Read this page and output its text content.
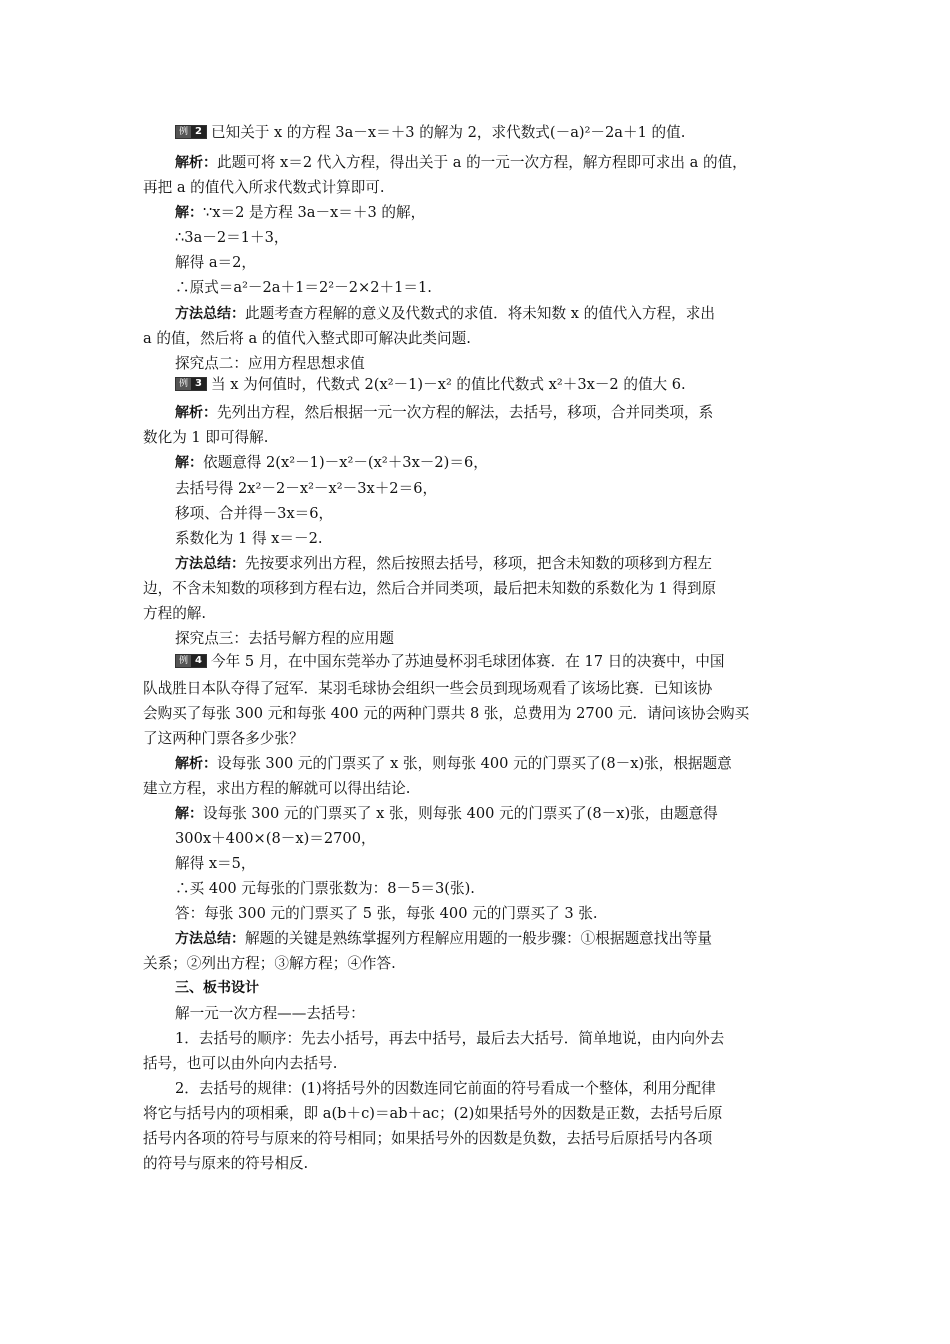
例 2 已知关于 x 的方程 3a－x＝＋3 的解为 2，求代数式(－a)²－2a＋1 的值.
解析：此题可将 x＝2 代入方程，得出关于 a 的一元一次方程，解方程即可求出 a 的值，
再把 a 的值代入所求代数式计算即可.
解：∵x＝2 是方程 3a－x＝＋3 的解，
∴3a－2＝1＋3，
解得 a＝2，
∴原式＝a²－2a＋1＝2²－2×2＋1＝1.
方法总结：此题考查方程解的意义及代数式的求值．将未知数 x 的值代入方程，求出
a 的值，然后将 a 的值代入整式即可解决此类问题.
探究点二：应用方程思想求值
例 3 当 x 为何值时，代数式 2(x²－1)－x² 的值比代数式 x²＋3x－2 的值大 6.
解析：先列出方程，然后根据一元一次方程的解法，去括号，移项，合并同类项，系
数化为 1 即可得解.
解：依题意得 2(x²－1)－x²－(x²＋3x－2)＝6，
去括号得 2x²－2－x²－x²－3x＋2＝6，
移项、合并得－3x＝6，
系数化为 1 得 x＝－2.
方法总结：先按要求列出方程，然后按照去括号，移项，把含未知数的项移到方程左
边，不含未知数的项移到方程右边，然后合并同类项，最后把未知数的系数化为 1 得到原
方程的解.
探究点三：去括号解方程的应用题
例 4 今年 5 月，在中国东莞举办了苏迪曼杯羽毛球团体赛．在 17 日的决赛中，中国
队战胜日本队夺得了冠军．某羽毛球协会组织一些会员到现场观看了该场比赛．已知该协
会购买了每张 300 元和每张 400 元的两种门票共 8 张，总费用为 2700 元．请问该协会购买
了这两种门票各多少张？
解析：设每张 300 元的门票买了 x 张，则每张 400 元的门票买了(8－x)张，根据题意
建立方程，求出方程的解就可以得出结论.
解：设每张 300 元的门票买了 x 张，则每张 400 元的门票买了(8－x)张，由题意得
300x＋400×(8－x)＝2700，
解得 x＝5，
∴买 400 元每张的门票张数为：8－5＝3(张).
答：每张 300 元的门票买了 5 张，每张 400 元的门票买了 3 张.
方法总结：解题的关键是熟练掌握列方程解应用题的一般步骤：①根据题意找出等量
关系；②列出方程；③解方程；④作答.
三、板书设计
解一元一次方程——去括号：
1．去括号的顺序：先去小括号，再去中括号，最后去大括号．简单地说，由内向外去
括号，也可以由外向内去括号.
2．去括号的规律：(1)将括号外的因数连同它前面的符号看成一个整体，利用分配律
将它与括号内的项相乘，即 a(b＋c)＝ab＋ac；(2)如果括号外的因数是正数，去括号后原
括号内各项的符号与原来的符号相同；如果括号外的因数是负数，去括号后原括号内各项
的符号与原来的符号相反.
